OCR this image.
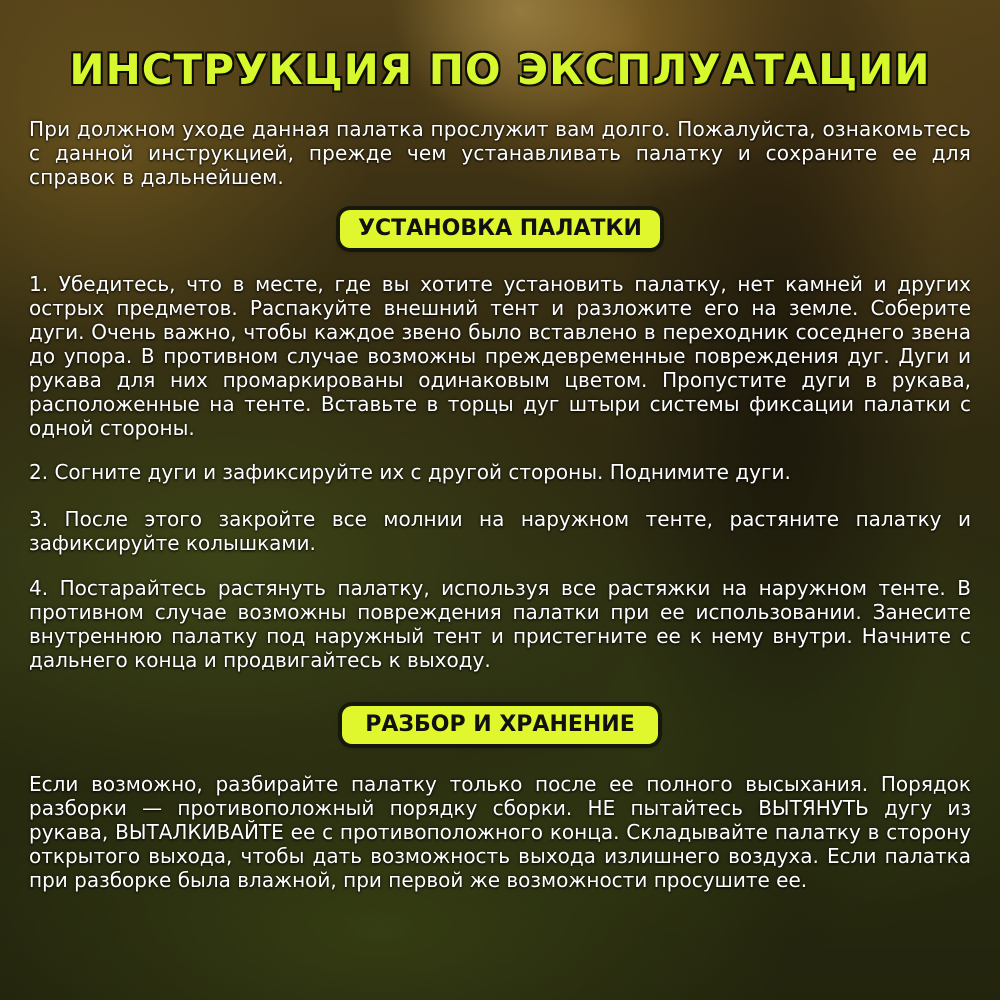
ИНСТРУКЦИЯ ПО ЭКСПЛУАТАЦИИ

При должном уходе данная палатка прослужит вам долго. Пожалуйста, ознакомьтесь с данной инструкцией, прежде чем устанавливать палатку и сохраните ее для справок в дальнейшем.

УСТАНОВКА ПАЛАТКИ

1. Убедитесь, что в месте, где вы хотите установить палатку, нет камней и других острых предметов. Распакуйте внешний тент и разложите его на земле. Соберите дуги. Очень важно, чтобы каждое звено было вставлено в переходник соседнего звена до упора. В противном случае возможны преждевременные повреждения дуг. Дуги и рукава для них промаркированы одинаковым цветом. Пропустите дуги в рукава, расположенные на тенте. Вставьте в торцы дуг штыри системы фиксации палатки с одной стороны.

2. Согните дуги и зафиксируйте их с другой стороны. Поднимите дуги.

3. После этого закройте все молнии на наружном тенте, растяните палатку и зафиксируйте колышками.

4. Постарайтесь растянуть палатку, используя все растяжки на наружном тенте. В противном случае возможны повреждения палатки при ее использовании. Занесите внутреннюю палатку под наружный тент и пристегните ее к нему внутри. Начните с дальнего конца и продвигайтесь к выходу.

РАЗБОР И ХРАНЕНИЕ

Если возможно, разбирайте палатку только после ее полного высыхания. Порядок разборки — противоположный порядку сборки. НЕ пытайтесь ВЫТЯНУТЬ дугу из рукава, ВЫТАЛКИВАЙТЕ ее с противоположного конца. Складывайте палатку в сторону открытого выхода, чтобы дать возможность выхода излишнего воздуха. Если палатка при разборке была влажной, при первой же возможности просушите ее.
